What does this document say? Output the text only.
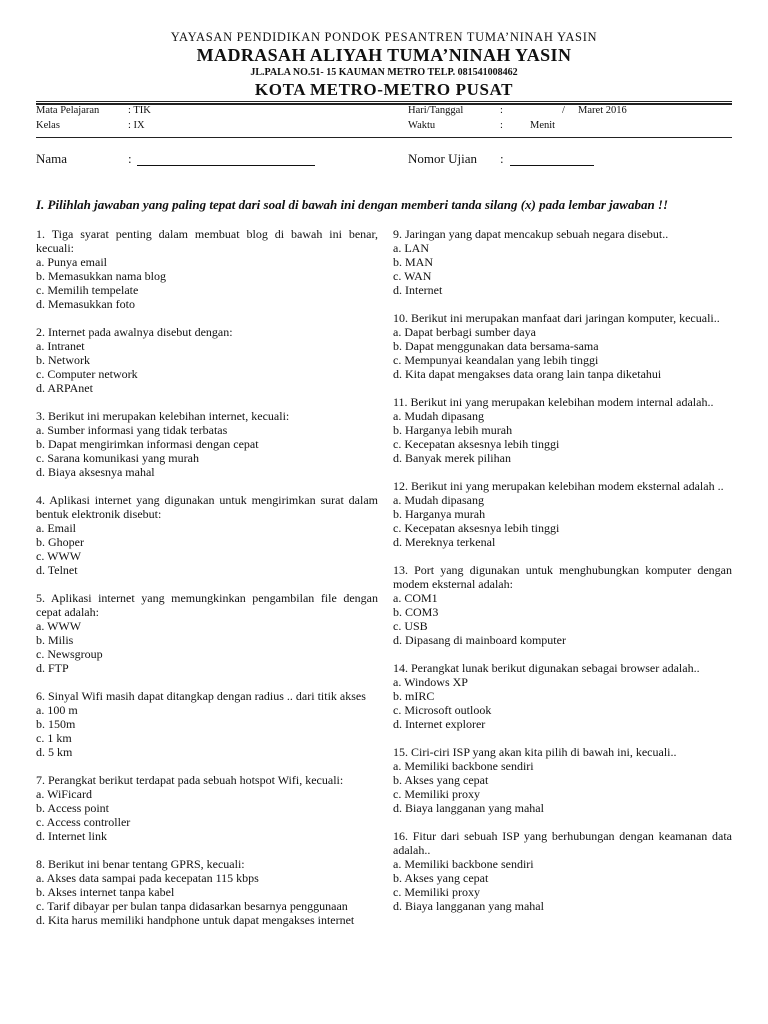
YAYASAN PENDIDIKAN PONDOK PESANTREN TUMA’NINAH YASIN
MADRASAH ALIYAH TUMA’NINAH YASIN
JL.PALA NO.51- 15 KAUMAN METRO TELP. 081541008462
KOTA METRO-METRO PUSAT
Mata Pelajaran	: TIK
Kelas	: IX
Hari/Tanggal	:	/     Maret 2016
Waktu	:	Menit
Nama	:	Nomor Ujian :
I. Pilihlah jawaban yang paling tepat dari soal di bawah ini dengan memberi tanda silang (x) pada lembar jawaban !!
1. Tiga syarat penting dalam membuat blog di bawah ini benar, kecuali:
a. Punya email
b. Memasukkan nama blog
c. Memilih tempelate
d. Memasukkan foto
2. Internet pada awalnya disebut dengan:
a. Intranet
b. Network
c. Computer network
d. ARPAnet
3. Berikut ini merupakan kelebihan internet, kecuali:
a. Sumber informasi yang tidak terbatas
b. Dapat mengirimkan informasi dengan cepat
c. Sarana komunikasi yang murah
d. Biaya aksesnya mahal
4. Aplikasi internet yang digunakan untuk mengirimkan surat dalam bentuk elektronik disebut:
a. Email
b. Ghoper
c. WWW
d. Telnet
5. Aplikasi internet yang memungkinkan pengambilan file dengan cepat adalah:
a. WWW
b. Milis
c. Newsgroup
d. FTP
6. Sinyal Wifi masih dapat ditangkap dengan radius .. dari titik akses
a. 100 m
b. 150m
c. 1 km
d. 5 km
7. Perangkat berikut terdapat pada sebuah hotspot Wifi, kecuali:
a. WiFicard
b. Access point
c. Access controller
d. Internet link
8. Berikut ini benar tentang GPRS, kecuali:
a. Akses data sampai pada kecepatan 115 kbps
b. Akses internet tanpa kabel
c. Tarif dibayar per bulan tanpa didasarkan besarnya penggunaan
d. Kita harus memiliki handphone untuk dapat mengakses internet
9. Jaringan yang dapat mencakup sebuah negara disebut..
a. LAN
b. MAN
c. WAN
d. Internet
10. Berikut ini merupakan manfaat dari jaringan komputer, kecuali..
a. Dapat berbagi sumber daya
b. Dapat menggunakan data bersama-sama
c. Mempunyai keandalan yang lebih tinggi
d. Kita dapat mengakses data orang lain tanpa diketahui
11. Berikut ini yang merupakan kelebihan modem internal adalah..
a. Mudah dipasang
b. Harganya lebih murah
c. Kecepatan aksesnya lebih tinggi
d. Banyak merek pilihan
12. Berikut ini yang merupakan kelebihan modem eksternal adalah ..
a. Mudah dipasang
b. Harganya murah
c. Kecepatan aksesnya lebih tinggi
d. Mereknya terkenal
13. Port yang digunakan untuk menghubungkan komputer dengan modem eksternal adalah:
a. COM1
b. COM3
c. USB
d. Dipasang di mainboard komputer
14. Perangkat lunak berikut digunakan sebagai browser adalah..
a. Windows XP
b. mIRC
c. Microsoft outlook
d. Internet explorer
15. Ciri-ciri ISP yang akan kita pilih di bawah ini, kecuali..
a. Memiliki backbone sendiri
b. Akses yang cepat
c. Memiliki proxy
d. Biaya langganan yang mahal
16. Fitur dari sebuah ISP yang berhubungan dengan keamanan data adalah..
a. Memiliki backbone sendiri
b. Akses yang cepat
c. Memiliki proxy
d. Biaya langganan yang mahal
